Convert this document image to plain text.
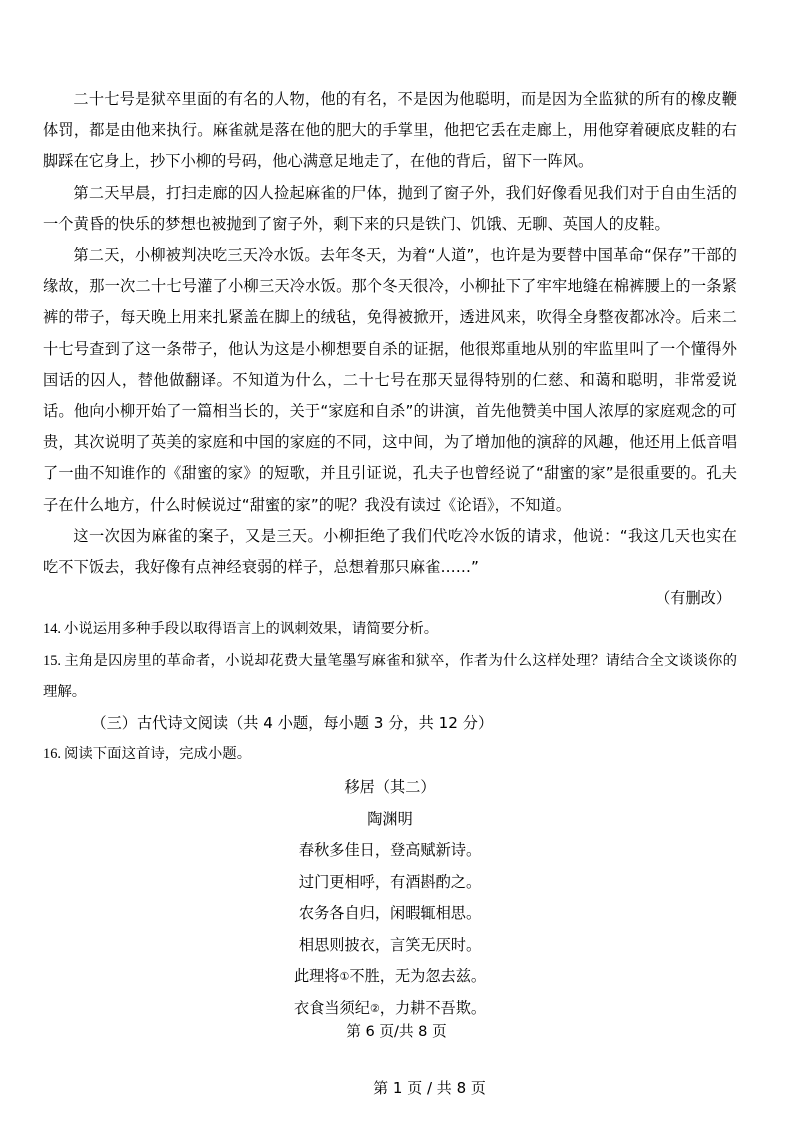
二十七号是狱卒里面的有名的人物，他的有名，不是因为他聪明，而是因为全监狱的所有的橡皮鞭体罚，都是由他来执行。麻雀就是落在他的肥大的手掌里，他把它丢在走廊上，用他穿着硬底皮鞋的右脚踩在它身上，抄下小柳的号码，他心满意足地走了，在他的背后，留下一阵风。

第二天早晨，打扫走廊的囚人捡起麻雀的尸体，抛到了窗子外，我们好像看见我们对于自由生活的一个黄昏的快乐的梦想也被抛到了窗子外，剩下来的只是铁门、饥饿、无聊、英国人的皮鞋。

第二天，小柳被判决吃三天冷水饭。去年冬天，为着“人道”，也许是为要替中国革命“保存”干部的缘故，那一次二十七号灌了小柳三天冷水饭。那个冬天很冷，小柳扯下了牢牢地缝在棉裤腰上的一条紧裤的带子，每天晚上用来扎紧盖在脚上的绒毡，免得被掀开，透进风来，吹得全身整夜都冰冷。后来二十七号查到了这一条带子，他认为这是小柳想要自杀的证据，他很郑重地从别的牢监里叫了一个懂得外国话的囚人，替他做翻译。不知道为什么，二十七号在那天显得特别的仁慈、和蔼和聪明，非常爱说话。他向小柳开始了一篇相当长的，关于“家庭和自杀”的讲演，首先他赞美中国人浓厚的家庭观念的可贵，其次说明了英美的家庭和中国的家庭的不同，这中间，为了增加他的演辞的风趣，他还用上低音唱了一曲不知谁作的《甜蜜的家》的短歌，并且引证说，孔夫子也曾经说了“甜蜜的家”是很重要的。孔夫子在什么地方，什么时候说过“甜蜜的家”的呢？我没有读过《论语》，不知道。

这一次因为麻雀的案子，又是三天。小柳拒绝了我们代吃冷水饭的请求，他说：“我这几天也实在吃不下饭去，我好像有点神经衰弱的样子，总想着那只麻雀……”

（有删改）

14. 小说运用多种手段以取得语言上的讽刺效果，请简要分析。

15. 主角是囚房里的革命者，小说却花费大量笔墨写麻雀和狱卒，作者为什么这样处理？请结合全文谈谈你的理解。

（三）古代诗文阅读（共 4 小题，每小题 3 分，共 12 分）

16. 阅读下面这首诗，完成小题。

移居（其二）

陶渊明

春秋多佳日，登高赋新诗。

过门更相呼，有酒斟酌之。

农务各自归，闲暇辄相思。

相思则披衣，言笑无厌时。

此理将①不胜，无为忽去兹。

衣食当须纪②，力耕不吾欺。

第 6 页/共 8 页
第 1 页 / 共 8 页
